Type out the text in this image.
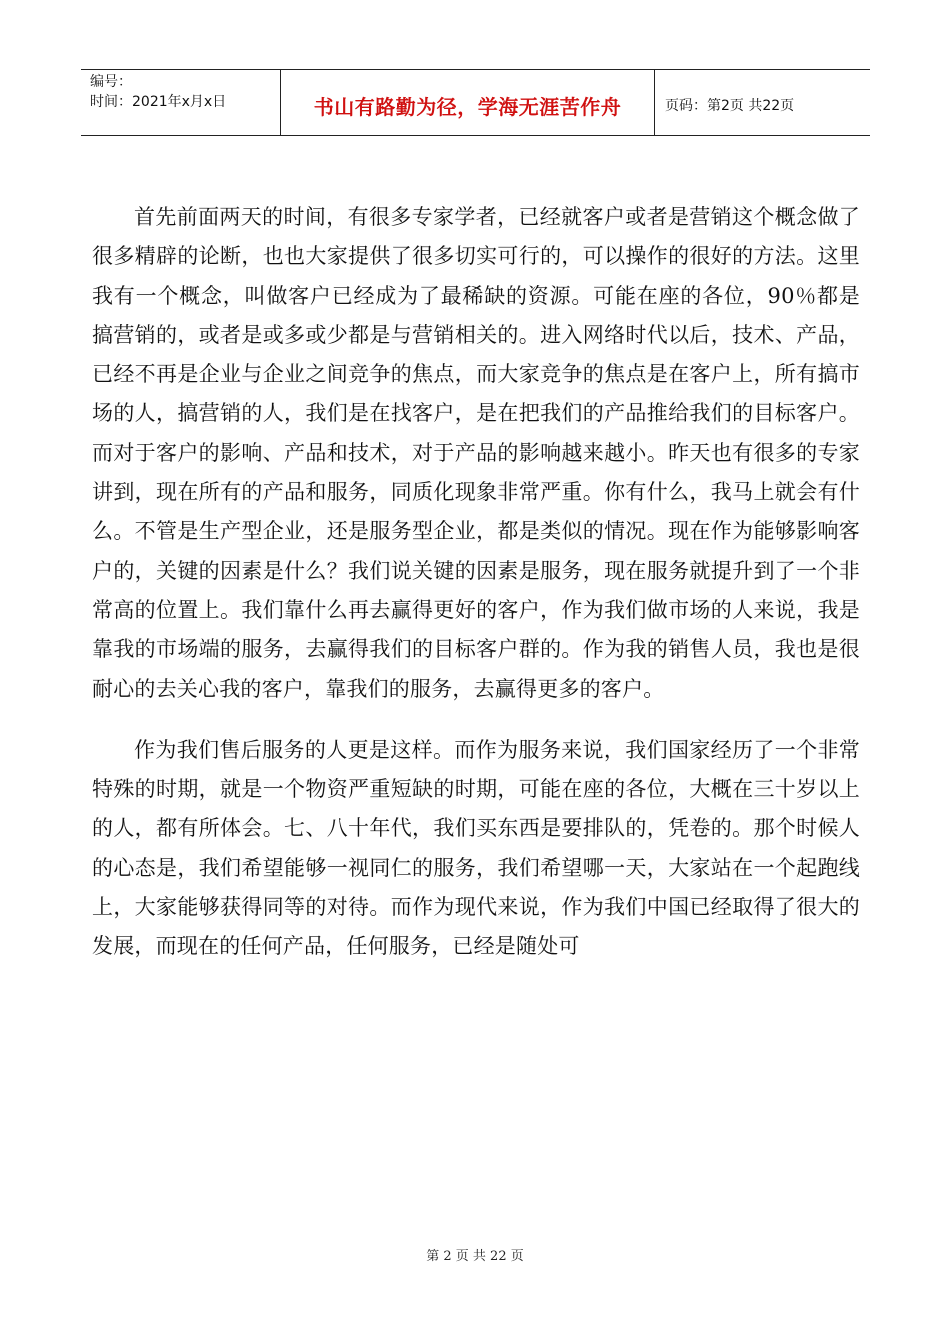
编号：
时间：2021年x月x日	书山有路勤为径，学海无涯苦作舟	页码：第2页 共22页

首先前面两天的时间，有很多专家学者，已经就客户或者是营销这个概念做了很多精辟的论断，也也大家提供了很多切实可行的，可以操作的很好的方法。这里我有一个概念，叫做客户已经成为了最稀缺的资源。可能在座的各位，90％都是搞营销的，或者是或多或少都是与营销相关的。进入网络时代以后，技术、产品，已经不再是企业与企业之间竞争的焦点，而大家竞争的焦点是在客户上，所有搞市场的人，搞营销的人，我们是在找客户，是在把我们的产品推给我们的目标客户。而对于客户的影响、产品和技术，对于产品的影响越来越小。昨天也有很多的专家讲到，现在所有的产品和服务，同质化现象非常严重。你有什么，我马上就会有什么。不管是生产型企业，还是服务型企业，都是类似的情况。现在作为能够影响客户的，关键的因素是什么？我们说关键的因素是服务，现在服务就提升到了一个非常高的位置上。我们靠什么再去赢得更好的客户，作为我们做市场的人来说，我是靠我的市场端的服务，去赢得我们的目标客户群的。作为我的销售人员，我也是很耐心的去关心我的客户，靠我们的服务，去赢得更多的客户。

作为我们售后服务的人更是这样。而作为服务来说，我们国家经历了一个非常特殊的时期，就是一个物资严重短缺的时期，可能在座的各位，大概在三十岁以上的人，都有所体会。七、八十年代，我们买东西是要排队的，凭卷的。那个时候人的心态是，我们希望能够一视同仁的服务，我们希望哪一天，大家站在一个起跑线上，大家能够获得同等的对待。而作为现代来说，作为我们中国已经取得了很大的发展，而现在的任何产品，任何服务，已经是随处可

第 2 页 共 22 页
